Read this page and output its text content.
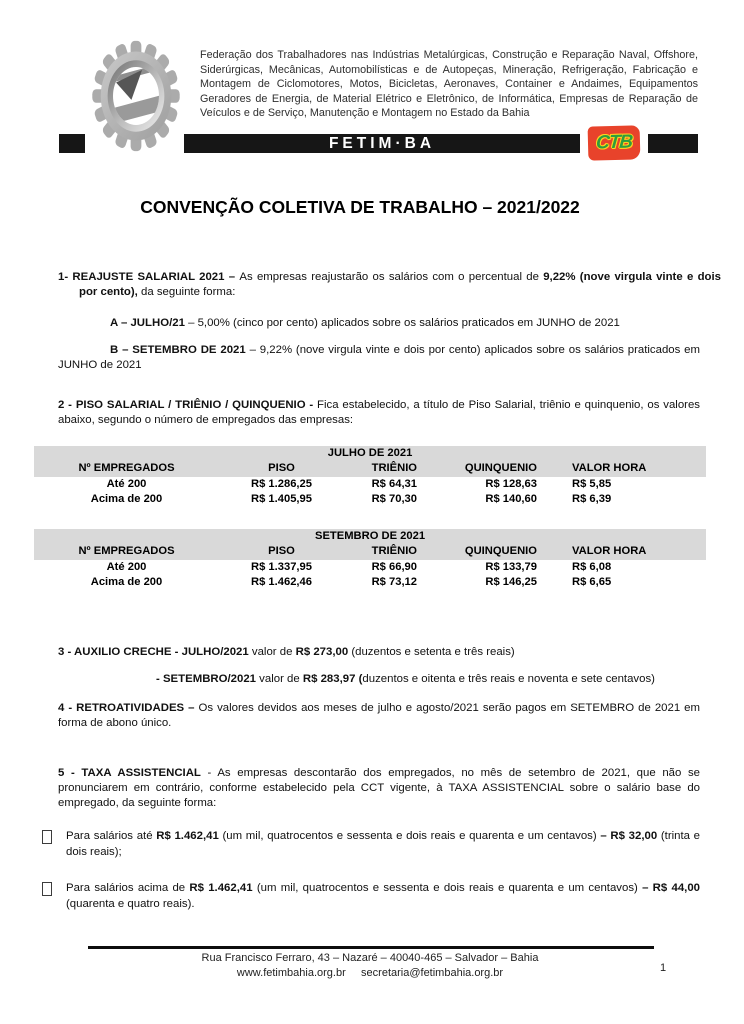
Federação dos Trabalhadores nas Indústrias Metalúrgicas, Construção e Reparação Naval, Offshore, Siderúrgicas, Mecânicas, Automobilísticas e de Autopeças, Mineração, Refrigeração, Fabricação e Montagem de Ciclomotores, Motos, Bicicletas, Aeronaves, Container e Andaimes, Equipamentos Geradores de Energia, de Material Elétrico e Eletrônico, de Informática, Empresas de Reparação de Veículos e de Serviço, Manutenção e Montagem no Estado da Bahia
FETIM·BA	CTB
CONVENÇÃO COLETIVA DE TRABALHO – 2021/2022
1- REAJUSTE SALARIAL 2021 – As empresas reajustarão os salários com o percentual de 9,22% (nove virgula vinte e dois por cento), da seguinte forma:
A – JULHO/21 – 5,00% (cinco por cento) aplicados sobre os salários praticados em JUNHO de 2021
B – SETEMBRO DE 2021 – 9,22% (nove virgula vinte e dois por cento) aplicados sobre os salários praticados em JUNHO de 2021
2 - PISO SALARIAL / TRIÊNIO / QUINQUENIO - Fica estabelecido, a título de Piso Salarial, triênio e quinquenio, os valores abaixo, segundo o número de empregados das empresas:
JULHO DE 2021				
Nº EMPREGADOS	PISO	TRIÊNIO	QUINQUENIO	VALOR HORA
Até 200	R$ 1.286,25	R$ 64,31	R$ 128,63	R$ 5,85
Acima de 200	R$ 1.405,95	R$ 70,30	R$ 140,60	R$ 6,39
SETEMBRO DE 2021				
Nº EMPREGADOS	PISO	TRIÊNIO	QUINQUENIO	VALOR HORA
Até 200	R$ 1.337,95	R$ 66,90	R$ 133,79	R$ 6,08
Acima de 200	R$ 1.462,46	R$ 73,12	R$ 146,25	R$ 6,65
3 - AUXILIO CRECHE - JULHO/2021 valor de R$ 273,00 (duzentos e setenta e três reais)
- SETEMBRO/2021 valor de R$ 283,97 (duzentos e oitenta e três reais e noventa e sete centavos)
4 - RETROATIVIDADES – Os valores devidos aos meses de julho e agosto/2021 serão pagos em SETEMBRO de 2021 em forma de abono único.
5 - TAXA ASSISTENCIAL - As empresas descontarão dos empregados, no mês de setembro de 2021, que não se pronunciarem em contrário, conforme estabelecido pela CCT vigente, à TAXA ASSISTENCIAL sobre o salário base do empregado, da seguinte forma:
Para salários até R$ 1.462,41 (um mil, quatrocentos e sessenta e dois reais e quarenta e um centavos) – R$ 32,00 (trinta e dois reais);
Para salários acima de R$ 1.462,41 (um mil, quatrocentos e sessenta e dois reais e quarenta e um centavos) – R$ 44,00 (quarenta e quatro reais).
Rua Francisco Ferraro, 43 – Nazaré – 40040-465 – Salvador – Bahia
www.fetimbahia.org.br secretaria@fetimbahia.org.br	1
